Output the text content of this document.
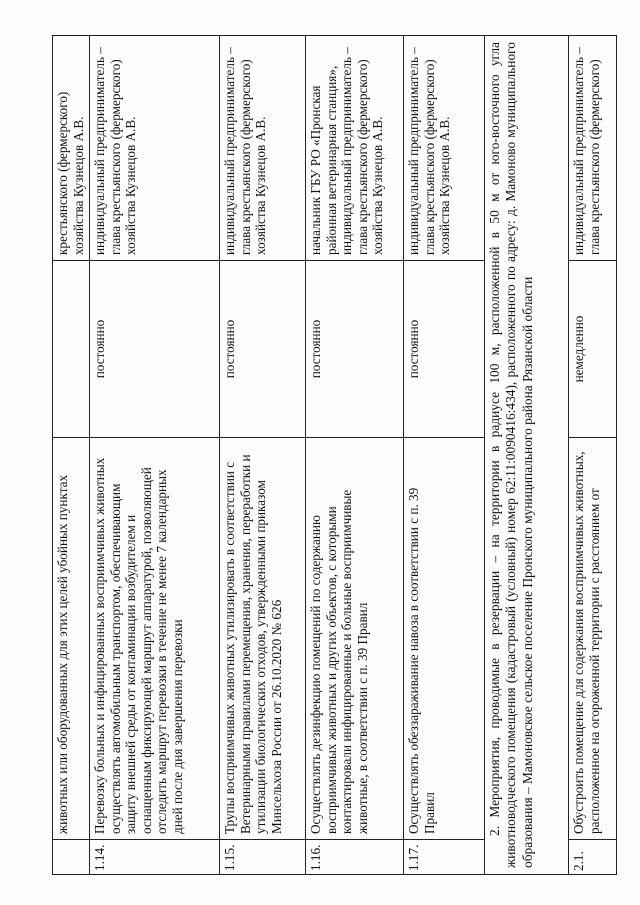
животных или оборудованных для этих целей убойных пунктах
крестьянского (фермерского) хозяйства Кузнецов А.В.
1.14.
Перевозку больных и инфицированных восприимчивых животных осуществлять автомобильным транспортом, обеспечивающим защиту внешней среды от контаминации возбудителем и оснащенным фиксирующей маршрут аппаратурой, позволяющей отследить маршрут перевозки в течение не менее 7 календарных дней после дня завершения перевозки
постоянно
индивидуальный предприниматель – глава крестьянского (фермерского) хозяйства Кузнецов А.В.
1.15.
Трупы восприимчивых животных утилизировать в соответствии с Ветеринарными правилами перемещения, хранения, переработки и утилизации биологических отходов, утвержденными приказом Минсельхоза России от 26.10.2020 № 626
постоянно
индивидуальный предприниматель – глава крестьянского (фермерского) хозяйства Кузнецов А.В.
1.16.
Осуществлять дезинфекцию помещений по содержанию восприимчивых животных и других объектов, с которыми контактировали инфицированные и больные восприимчивые животные, в соответствии с п. 39 Правил
постоянно
начальник ГБУ РО «Пронская районная ветеринарная станция», индивидуальный предприниматель – глава крестьянского (фермерского) хозяйства Кузнецов А.В.
1.17.
Осуществлять обеззараживание навоза в соответствии с п. 39 Правил
постоянно
индивидуальный предприниматель – глава крестьянского (фермерского) хозяйства Кузнецов А.В.	2. Мероприятия, проводимые в резервации – на территории в радиусе 100 м, расположенной в 50 м от юго-восточного угла животноводческого помещения (кадастровый (условный) номер 62:11:0090416:434), расположенного по адресу: д. Мамоново муниципального образования – Мамоновское сельское поселение Пронского муниципального района Рязанской области	2.1.
Обустроить помещение для содержания восприимчивых животных, расположенное на огороженной территории с расстоянием от
немедленно
индивидуальный предприниматель – глава крестьянского (фермерского)
